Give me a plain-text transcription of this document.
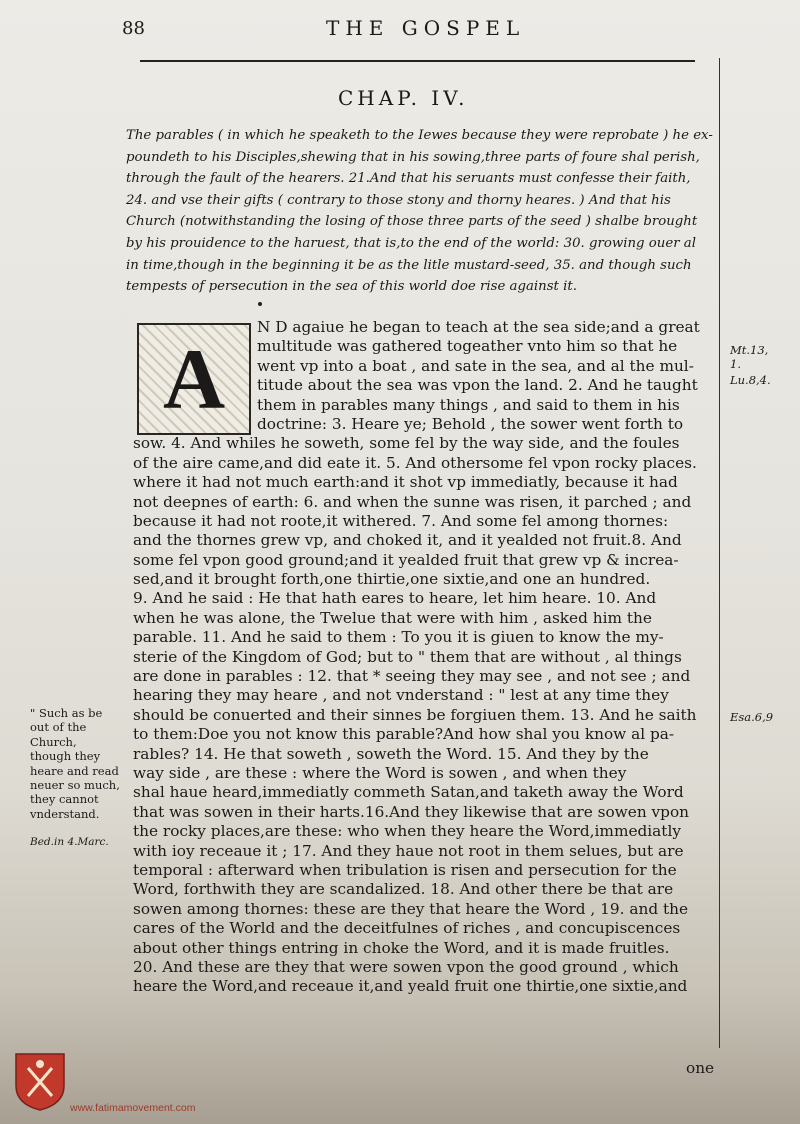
88	THE GOSPEL
CHAP. IV.
The parables ( in which he speaketh to the Iewes because they were reprobate ) he ex-
poundeth to his Disciples,shewing that in his sowing,three parts of foure shal perish,
through the fault of the hearers. 21.And that his seruants must confesse their faith,
24. and vse their gifts ( contrary to those stony and thorny heares. ) And that his
Church (notwithstanding the losing of those three parts of the seed ) shalbe brought
by his prouidence to the haruest, that is,to the end of the world: 30. growing ouer al
in time,though in the beginning it be as the litle mustard-seed, 35. and though such
tempests of persecution in the sea of this world doe rise against it.
A
N D agaiue he began to teach at the sea side;and a great
multitude was gathered togeather vnto him so that he
went vp into a boat , and sate in the sea, and al the mul-
titude about the sea was vpon the land. 2. And he taught
them in parables many things , and said to them in his
doctrine: 3. Heare ye; Behold , the sower went forth to
sow. 4. And whiles he soweth, some fel by the way side, and the foules
of the aire came,and did eate it. 5. And othersome fel vpon rocky places.
where it had not much earth:and it shot vp immediatly, because it had
not deepnes of earth: 6. and when the sunne was risen, it parched ; and
because it had not roote,it withered. 7. And some fel among thornes:
and the thornes grew vp, and choked it, and it yealded not fruit.8. And
some fel vpon good ground;and it yealded fruit that grew vp & increa-
sed,and it brought forth,one thirtie,one sixtie,and one an hundred.
9. And he said : He that hath eares to heare, let him heare. 10. And
when he was alone, the Twelue that were with him , asked him the
parable. 11. And he said to them : To you it is giuen to know the my-
sterie of the Kingdom of God; but to " them that are without , al things
are done in parables : 12. that * seeing they may see , and not see ; and
hearing they may heare , and not vnderstand : " lest at any time they
should be conuerted and their sinnes be forgiuen them. 13. And he saith
to them:Doe you not know this parable?And how shal you know al pa-
rables? 14. He that soweth , soweth the Word. 15. And they by the
way side , are these : where the Word is sowen , and when they
shal haue heard,immediatly commeth Satan,and taketh away the Word
that was sowen in their harts.16.And they likewise that are sowen vpon
the rocky places,are these: who when they heare the Word,immediatly
with ioy receaue it ; 17. And they haue not root in them selues, but are
temporal : afterward when tribulation is risen and persecution for the
Word, forthwith they are scandalized. 18. And other there be that are
sowen among thornes: these are they that heare the Word , 19. and the
cares of the World and the deceitfulnes of riches , and concupiscences
about other things entring in choke the Word, and it is made fruitles.
20. And these are they that were sowen vpon the good ground , which
heare the Word,and receaue it,and yeald fruit one thirtie,one sixtie,and
one
Mt.13,
1.
Lu.8,4.
Esa.6,9
" Such as be
out of the
Church,
though they
heare and read
neuer so much,
they cannot
vnderstand.
Bed.in 4.Marc.
www.fatimamovement.com
